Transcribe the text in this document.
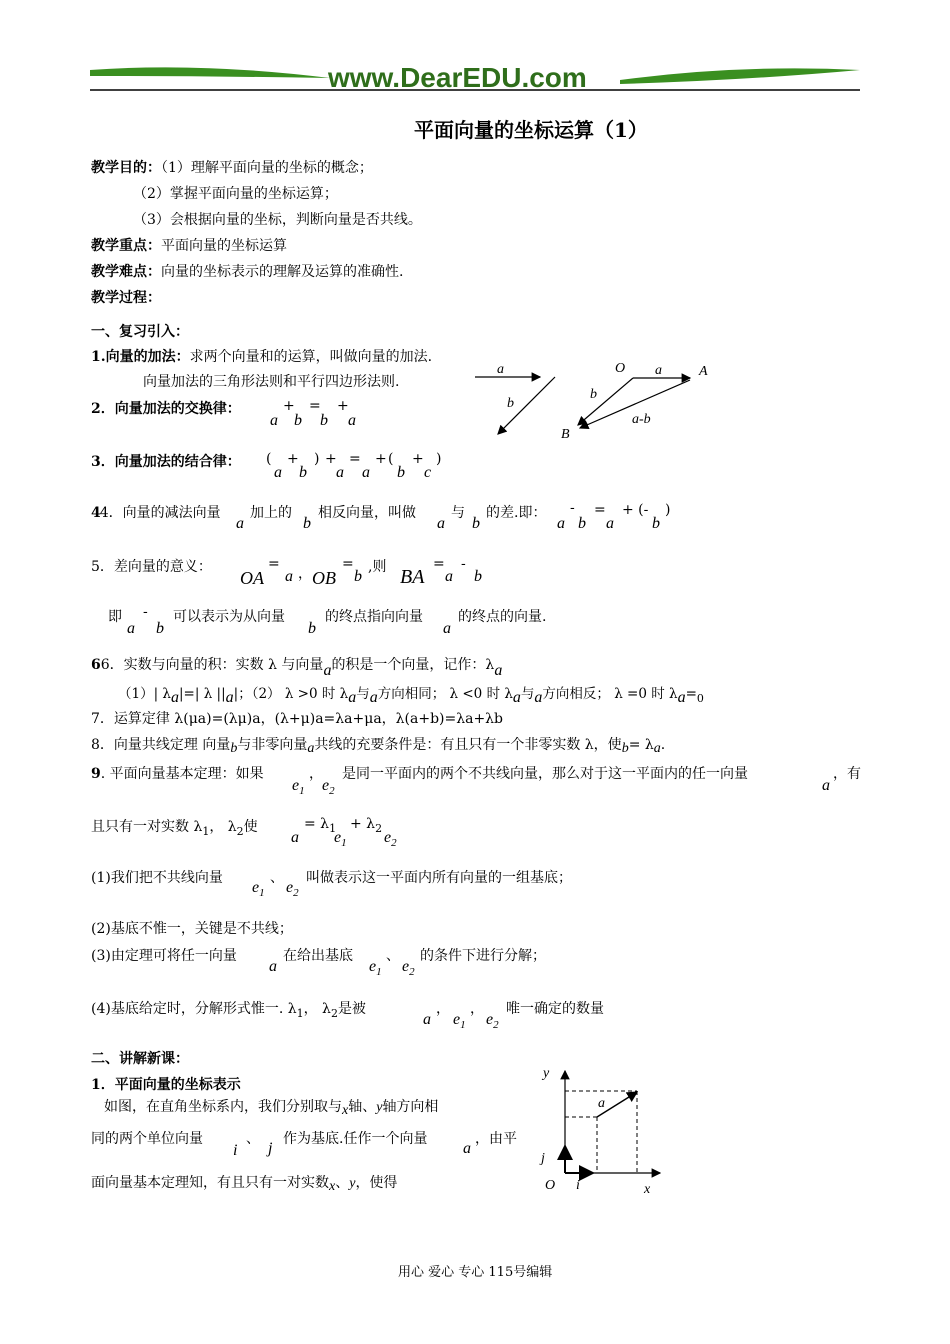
www.DearEDU.com
平面向量的坐标运算（1）
教学目的：（1）理解平面向量的坐标的概念；
（2）掌握平面向量的坐标运算；
（3）会根据向量的坐标，判断向量是否共线。
教学重点：平面向量的坐标运算
教学难点：向量的坐标表示的理解及运算的准确性.
教学过程：
一、复习引入：
1.向量的加法：求两个向量和的运算，叫做向量的加法.
向量加法的三角形法则和平行四边形法则.
2．向量加法的交换律：
a
+
b
=
b
+
a
3．向量加法的结合律： (
a
+
b
) +
a
=
a
+ (
b
+
c
)
44．向量的减法向量
a
加上的
b
相反向量，叫做
a
与
b
的差.即：
a
-
b
=
a
+ (-
b
)
5．差向量的意义：
OA
=
a ， OB
=
b
,则 BA
=
a
-
b
即
a
-
b
可以表示为从向量
b
的终点指向向量
a
的终点的向量.
66．实数与向量的积：实数 λ 与向量a的积是一个向量，记作：λa
（1）| λa|=| λ ||a|；（2） λ >0 时 λa与a方向相同； λ <0 时 λa与a方向相反； λ =0 时 $\lambda a=_0$
7．运算定律 λ(μa)=(λμ)a，(λ+μ)a=λa+μa，λ(a+b)=λa+λb
8．向量共线定理 向量b与非零向量a共线的充要条件是：有且只有一个非零实数 λ，使b= λa.
9. 平面向量基本定理：如果
$e_1$
，
$e_2$
是同一平面内的两个不共线向量，那么对于这一平面内的任一向量
a
，有
且只有一对实数 $\lambda_1$， $\lambda_2$使
a
= $\lambda_1$
$e_1$
+ $\lambda_2$
$e_2$
(1)我们把不共线向量
$e_1$
、
$e_2$
叫做表示这一平面内所有向量的一组基底；
(2)基底不惟一，关键是不共线；
(3)由定理可将任一向量
a
在给出基底
$e_1$
、
$e_2$
的条件下进行分解；
(4)基底给定时，分解形式惟一. $\lambda_1$， $\lambda_2$是被
a
，
$e_1$
，
$e_2$
唯一确定的数量
二、讲解新课：
1．平面向量的坐标表示
如图，在直角坐标系内，我们分别取与x轴、y轴方向相
同的两个单位向量
i
、
j
作为基底.任作一个向量
a
，由平
面向量基本定理知，有且只有一对实数x、y，使得
a
b
O a	A
b
a-b
B
y
a
j
O i	x
用心 爱心 专心 115号编辑
